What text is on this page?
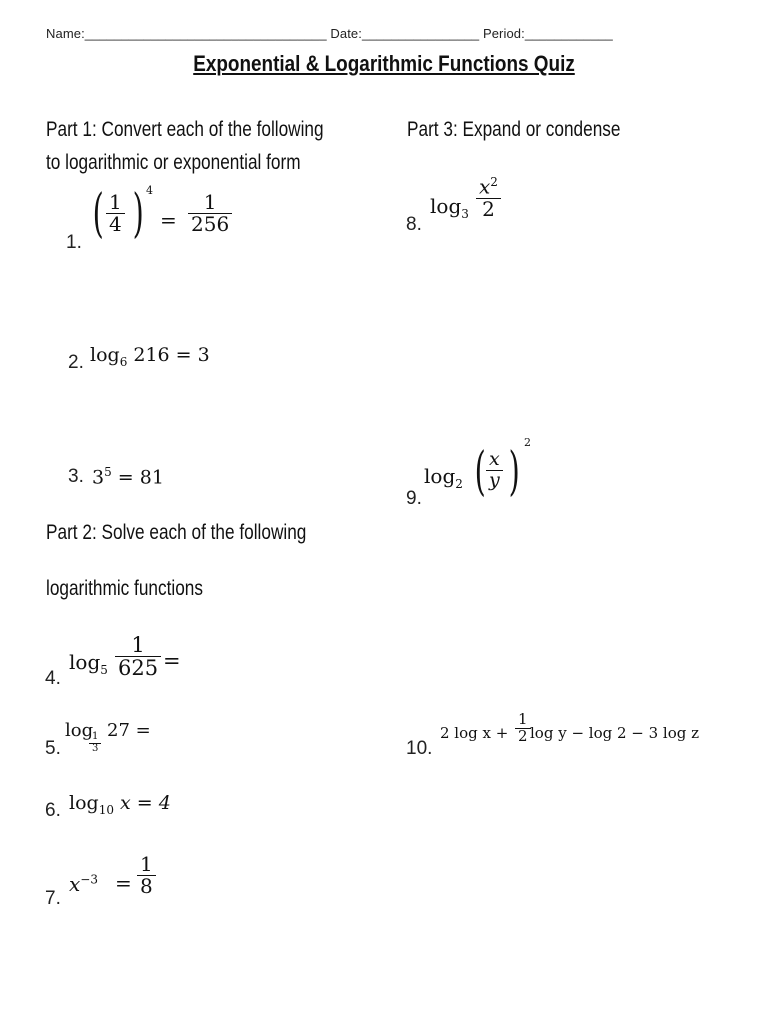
Name:_________________________________ Date:________________ Period:____________
Exponential & Logarithmic Functions Quiz
Part 1: Convert each of the following
to logarithmic or exponential form
Part 3: Expand or condense
1. ( 1
4 ) 4
=
1
256
2. $\log_6 216 = 3$
3. $3^5 = 81$
Part 2: Solve each of the following
logarithmic functions
4.
$\log_5$
1
625 =
5.
log
1
3
27 =
6. $\log_{10} x = 4$
7.
$x^{-3}$ =
1
8
8.
$\log_3$
$x^2$
2
9.
$\log_2$ ( x
y ) 2
10.
2 log x +
1
2 log y − log 2 − 3 log z
